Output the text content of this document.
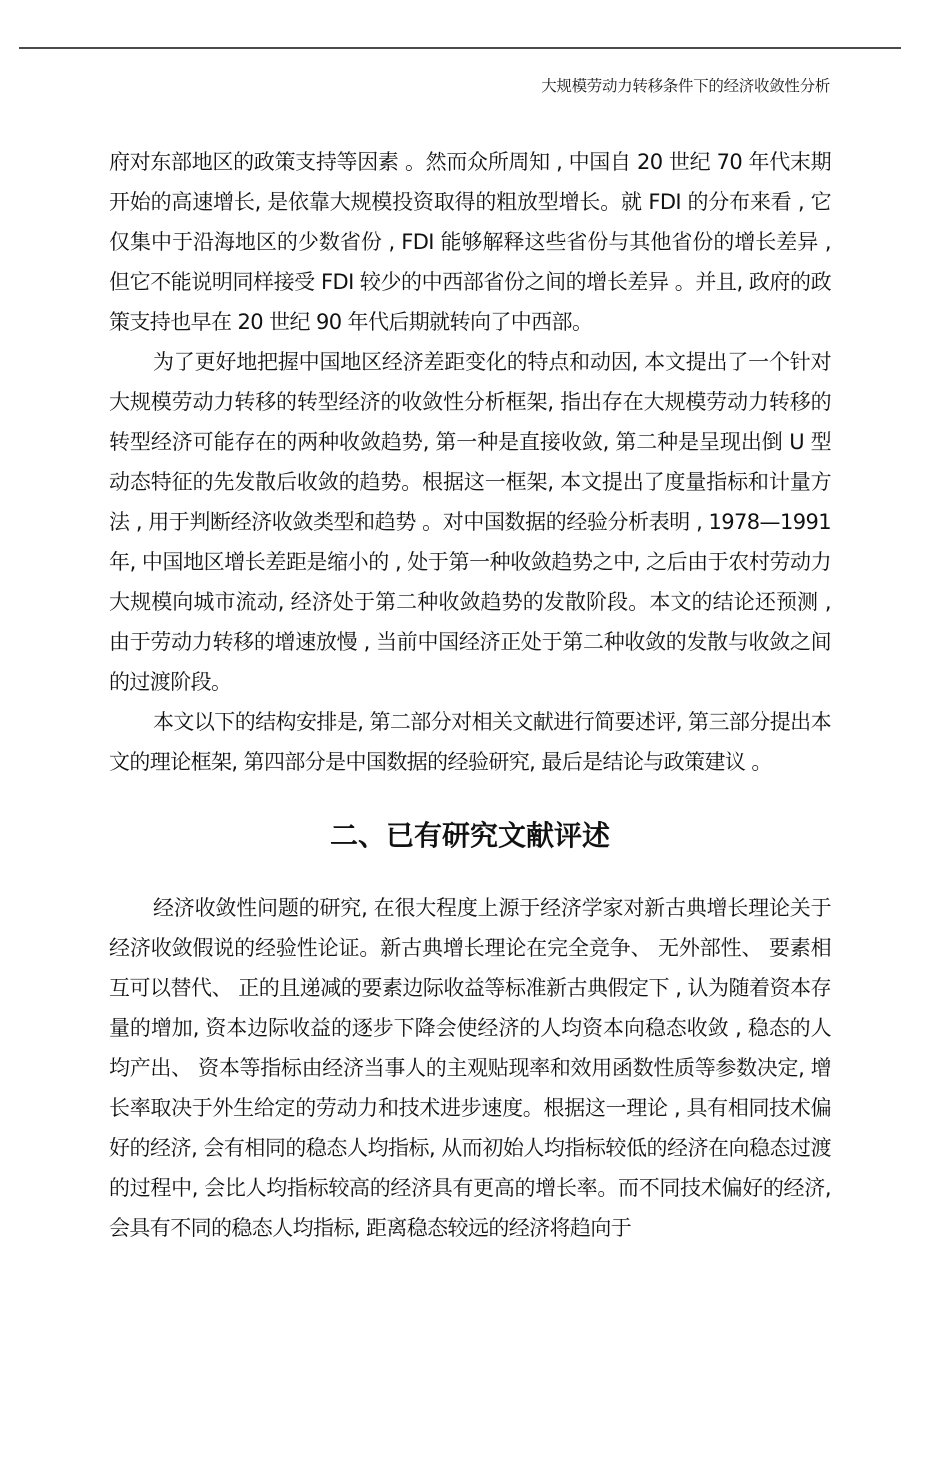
大规模劳动力转移条件下的经济收敛性分析

府对东部地区的政策支持等因素 。然而众所周知 , 中国自 20 世纪 70 年代末期开始的高速增长, 是依靠大规模投资取得的粗放型增长。就 FDI 的分布来看 , 它仅集中于沿海地区的少数省份 , FDI 能够解释这些省份与其他省份的增长差异 , 但它不能说明同样接受 FDI 较少的中西部省份之间的增长差异 。并且, 政府的政策支持也早在 20 世纪 90 年代后期就转向了中西部。

为了更好地把握中国地区经济差距变化的特点和动因, 本文提出了一个针对大规模劳动力转移的转型经济的收敛性分析框架, 指出存在大规模劳动力转移的转型经济可能存在的两种收敛趋势, 第一种是直接收敛, 第二种是呈现出倒 U 型动态特征的先发散后收敛的趋势。根据这一框架, 本文提出了度量指标和计量方法 , 用于判断经济收敛类型和趋势 。对中国数据的经验分析表明 , 1978—1991 年, 中国地区增长差距是缩小的 , 处于第一种收敛趋势之中, 之后由于农村劳动力大规模向城市流动, 经济处于第二种收敛趋势的发散阶段。本文的结论还预测 , 由于劳动力转移的增速放慢 , 当前中国经济正处于第二种收敛的发散与收敛之间的过渡阶段。

本文以下的结构安排是, 第二部分对相关文献进行简要述评, 第三部分提出本文的理论框架, 第四部分是中国数据的经验研究, 最后是结论与政策建议 。

二、已有研究文献评述

经济收敛性问题的研究, 在很大程度上源于经济学家对新古典增长理论关于经济收敛假说的经验性论证。新古典增长理论在完全竞争、 无外部性、 要素相互可以替代、 正的且递减的要素边际收益等标准新古典假定下 , 认为随着资本存量的增加, 资本边际收益的逐步下降会使经济的人均资本向稳态收敛 , 稳态的人均产出、 资本等指标由经济当事人的主观贴现率和效用函数性质等参数决定, 增长率取决于外生给定的劳动力和技术进步速度。根据这一理论 , 具有相同技术偏好的经济, 会有相同的稳态人均指标, 从而初始人均指标较低的经济在向稳态过渡的过程中, 会比人均指标较高的经济具有更高的增长率。而不同技术偏好的经济, 会具有不同的稳态人均指标, 距离稳态较远的经济将趋向于
